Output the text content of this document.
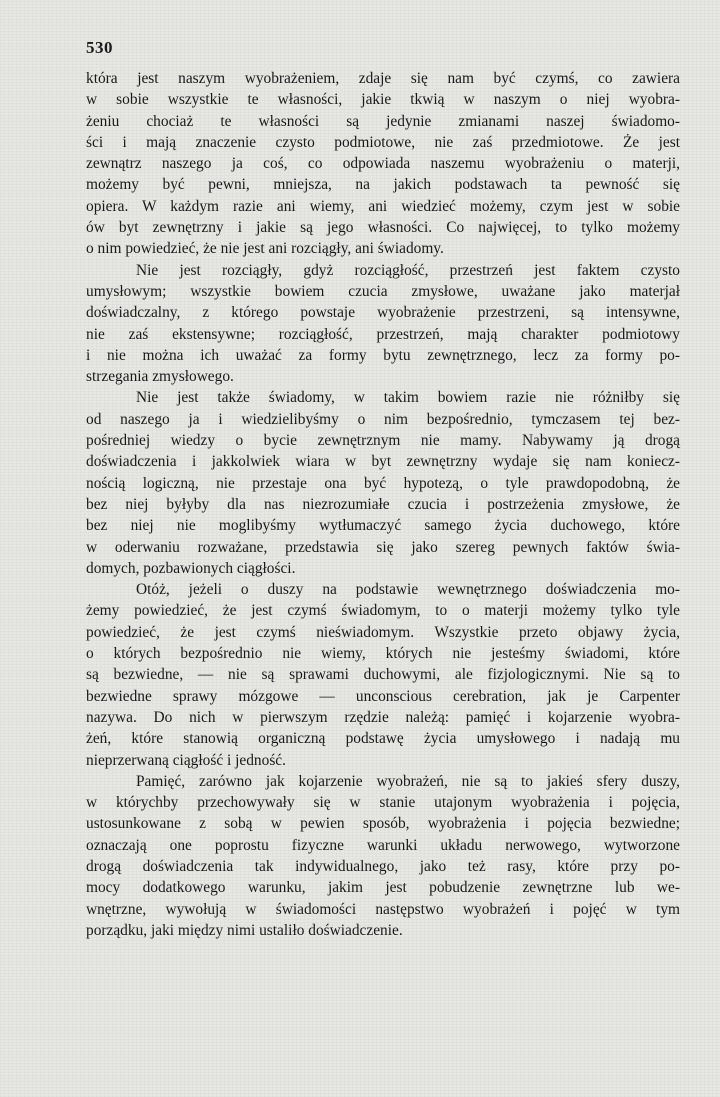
530
która jest naszym wyobrażeniem, zdaje się nam być czymś, co zawiera
w sobie wszystkie te własności, jakie tkwią w naszym o niej wyobra-
żeniu chociaż te własności są jedynie zmianami naszej świadomo-
ści i mają znaczenie czysto podmiotowe, nie zaś przedmiotowe. Że jest
zewnątrz naszego ja coś, co odpowiada naszemu wyobrażeniu o materji,
możemy być pewni, mniejsza, na jakich podstawach ta pewność się
opiera. W każdym razie ani wiemy, ani wiedzieć możemy, czym jest w sobie
ów byt zewnętrzny i jakie są jego własności. Co najwięcej, to tylko możemy
o nim powiedzieć, że nie jest ani rozciągły, ani świadomy.
Nie jest rozciągły, gdyż rozciągłość, przestrzeń jest faktem czysto
umysłowym; wszystkie bowiem czucia zmysłowe, uważane jako materjał
doświadczalny, z którego powstaje wyobrażenie przestrzeni, są intensywne,
nie zaś ekstensywne; rozciągłość, przestrzeń, mają charakter podmiotowy
i nie można ich uważać za formy bytu zewnętrznego, lecz za formy po-
strzegania zmysłowego.
Nie jest także świadomy, w takim bowiem razie nie różniłby się
od naszego ja i wiedzielibyśmy o nim bezpośrednio, tymczasem tej bez-
pośredniej wiedzy o bycie zewnętrznym nie mamy. Nabywamy ją drogą
doświadczenia i jakkolwiek wiara w byt zewnętrzny wydaje się nam koniecz-
nością logiczną, nie przestaje ona być hypotezą, o tyle prawdopodobną, że
bez niej byłyby dla nas niezrozumiałe czucia i postrzeżenia zmysłowe, że
bez niej nie moglibyśmy wytłumaczyć samego życia duchowego, które
w oderwaniu rozważane, przedstawia się jako szereg pewnych faktów świa-
domych, pozbawionych ciągłości.
Otóż, jeżeli o duszy na podstawie wewnętrznego doświadczenia mo-
żemy powiedzieć, że jest czymś świadomym, to o materji możemy tylko tyle
powiedzieć, że jest czymś nieświadomym. Wszystkie przeto objawy życia,
o których bezpośrednio nie wiemy, których nie jesteśmy świadomi, które
są bezwiedne, — nie są sprawami duchowymi, ale fizjologicznymi. Nie są to
bezwiedne sprawy mózgowe — unconscious cerebration, jak je Carpenter
nazywa. Do nich w pierwszym rzędzie należą: pamięć i kojarzenie wyobra-
żeń, które stanowią organiczną podstawę życia umysłowego i nadają mu
nieprzerwaną ciągłość i jedność.
Pamięć, zarówno jak kojarzenie wyobrażeń, nie są to jakieś sfery duszy,
w którychby przechowywały się w stanie utajonym wyobrażenia i pojęcia,
ustosunkowane z sobą w pewien sposób, wyobrażenia i pojęcia bezwiedne;
oznaczają one poprostu fizyczne warunki układu nerwowego, wytworzone
drogą doświadczenia tak indywidualnego, jako też rasy, które przy po-
mocy dodatkowego warunku, jakim jest pobudzenie zewnętrzne lub we-
wnętrzne, wywołują w świadomości następstwo wyobrażeń i pojęć w tym
porządku, jaki między nimi ustaliło doświadczenie.
